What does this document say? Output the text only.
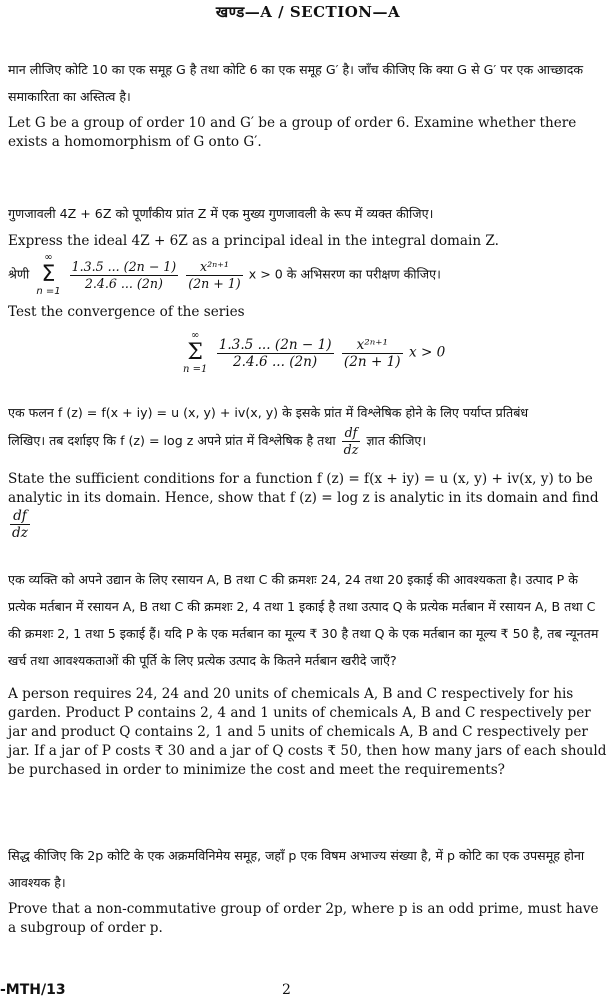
खण्ड—A / SECTION—A
मान लीजिए कोटि 10 का एक समूह G है तथा कोटि 6 का एक समूह G′ है। जाँच कीजिए कि क्या G से G′ पर एक आच्छादक समाकारिता का अस्तित्व है।
Let G be a group of order 10 and G′ be a group of order 6. Examine whether there exists a homomorphism of G onto G′.
गुणजावली 4Z + 6Z को पूर्णांकीय प्रांत Z में एक मुख्य गुणजावली के रूप में व्यक्त कीजिए।
Express the ideal 4Z + 6Z as a principal ideal in the integral domain Z.
श्रेणी
∞
Σ
n =1
$\frac{1.3.5 ... (2n - 1)}{2.4.6 ... (2n)}$
$\frac{\text{x²ⁿ⁺¹}}{(2n + 1)}$ x > 0 के अभिसरण का परीक्षण कीजिए।
Test the convergence of the series
∞
Σ
n =1
$\frac{1.3.5 ... (2n - 1)}{2.4.6 ... (2n)}$
$\frac{\text{x²ⁿ⁺¹}}{(2n + 1)}$ x > 0
एक फलन f (z) = f(x + iy) = u (x, y) + iv(x, y) के इसके प्रांत में विश्लेषिक होने के लिए पर्याप्त प्रतिबंध
लिखिए। तब दर्शाइए कि f (z) = log z अपने प्रांत में विश्लेषिक है तथा $\frac{df}{dz}$ ज्ञात कीजिए।
State the sufficient conditions for a function f (z) = f(x + iy) = u (x, y) + iv(x, y) to be analytic in its domain. Hence, show that f (z) = log z is analytic in its domain and find
$\frac{df}{dz}$
एक व्यक्ति को अपने उद्यान के लिए रसायन A, B तथा C की क्रमशः 24, 24 तथा 20 इकाई की आवश्यकता है। उत्पाद P के प्रत्येक मर्तबान में रसायन A, B तथा C की क्रमशः 2, 4 तथा 1 इकाई है तथा उत्पाद Q के प्रत्येक मर्तबान में रसायन A, B तथा C की क्रमशः 2, 1 तथा 5 इकाई हैं। यदि P के एक मर्तबान का मूल्य ₹ 30 है तथा Q के एक मर्तबान का मूल्य ₹ 50 है, तब न्यूनतम खर्च तथा आवश्यकताओं की पूर्ति के लिए प्रत्येक उत्पाद के कितने मर्तबान खरीदे जाएँ?
A person requires 24, 24 and 20 units of chemicals A, B and C respectively for his garden. Product P contains 2, 4 and 1 units of chemicals A, B and C respectively per jar and product Q contains 2, 1 and 5 units of chemicals A, B and C respectively per jar. If a jar of P costs ₹ 30 and a jar of Q costs ₹ 50, then how many jars of each should be purchased in order to minimize the cost and meet the requirements?
सिद्ध कीजिए कि 2p कोटि के एक अक्रमविनिमेय समूह, जहाँ p एक विषम अभाज्य संख्या है, में p कोटि का एक उपसमूह होना आवश्यक है।
Prove that a non-commutative group of order 2p, where p is an odd prime, must have a subgroup of order p.
-MTH/13	2
